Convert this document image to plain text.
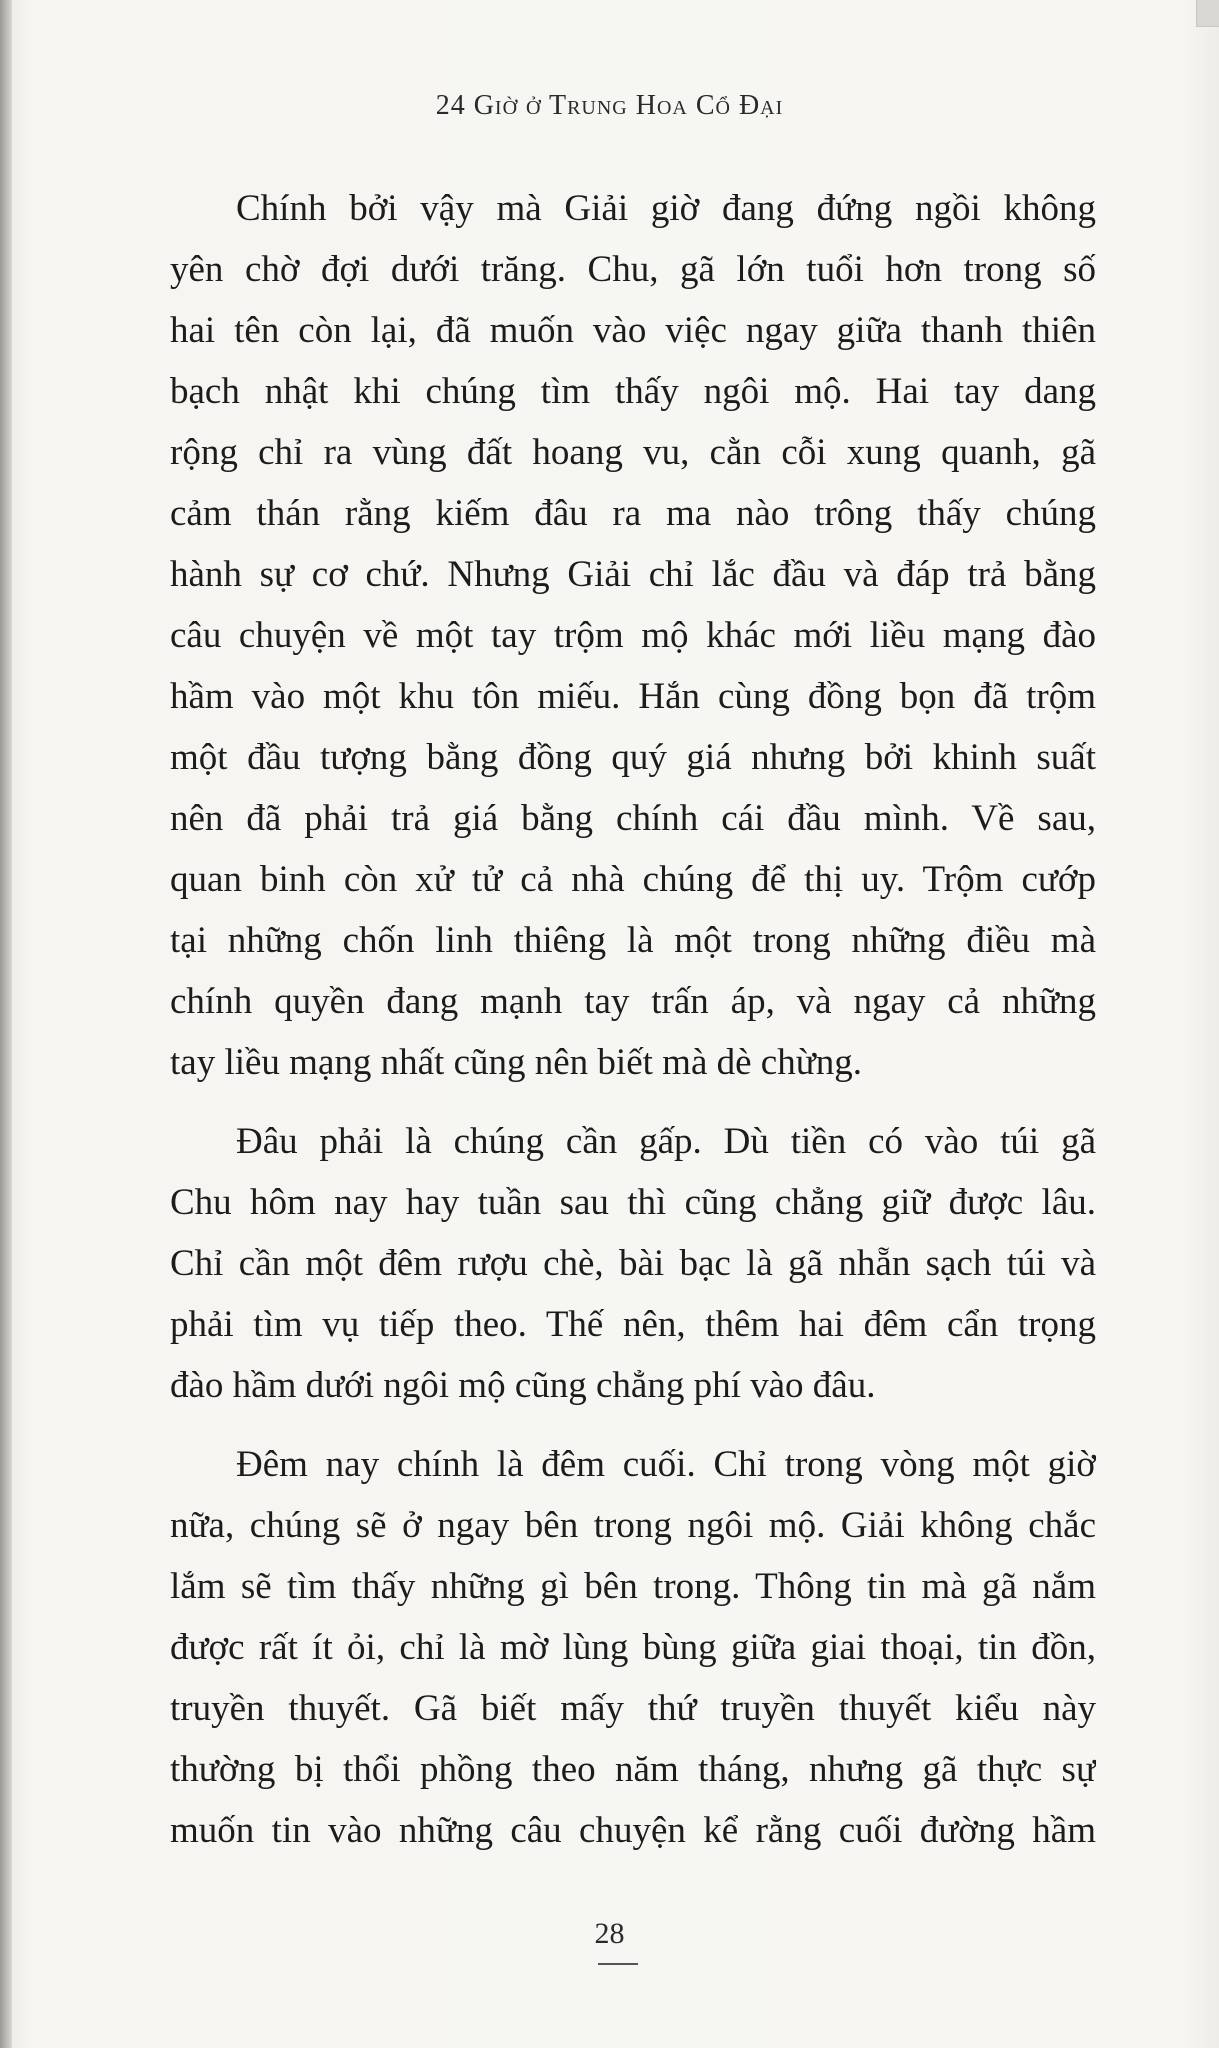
24 Giờ ở Trung Hoa Cổ Đại
Chính bởi vậy mà Giải giờ đang đứng ngồi không
yên chờ đợi dưới trăng. Chu, gã lớn tuổi hơn trong số
hai tên còn lại, đã muốn vào việc ngay giữa thanh thiên
bạch nhật khi chúng tìm thấy ngôi mộ. Hai tay dang
rộng chỉ ra vùng đất hoang vu, cằn cỗi xung quanh, gã
cảm thán rằng kiếm đâu ra ma nào trông thấy chúng
hành sự cơ chứ. Nhưng Giải chỉ lắc đầu và đáp trả bằng
câu chuyện về một tay trộm mộ khác mới liều mạng đào
hầm vào một khu tôn miếu. Hắn cùng đồng bọn đã trộm
một đầu tượng bằng đồng quý giá nhưng bởi khinh suất
nên đã phải trả giá bằng chính cái đầu mình. Về sau,
quan binh còn xử tử cả nhà chúng để thị uy. Trộm cướp
tại những chốn linh thiêng là một trong những điều mà
chính quyền đang mạnh tay trấn áp, và ngay cả những
tay liều mạng nhất cũng nên biết mà dè chừng.
Đâu phải là chúng cần gấp. Dù tiền có vào túi gã
Chu hôm nay hay tuần sau thì cũng chẳng giữ được lâu.
Chỉ cần một đêm rượu chè, bài bạc là gã nhẵn sạch túi và
phải tìm vụ tiếp theo. Thế nên, thêm hai đêm cẩn trọng
đào hầm dưới ngôi mộ cũng chẳng phí vào đâu.
Đêm nay chính là đêm cuối. Chỉ trong vòng một giờ
nữa, chúng sẽ ở ngay bên trong ngôi mộ. Giải không chắc
lắm sẽ tìm thấy những gì bên trong. Thông tin mà gã nắm
được rất ít ỏi, chỉ là mờ lùng bùng giữa giai thoại, tin đồn,
truyền thuyết. Gã biết mấy thứ truyền thuyết kiểu này
thường bị thổi phồng theo năm tháng, nhưng gã thực sự
muốn tin vào những câu chuyện kể rằng cuối đường hầm
28
